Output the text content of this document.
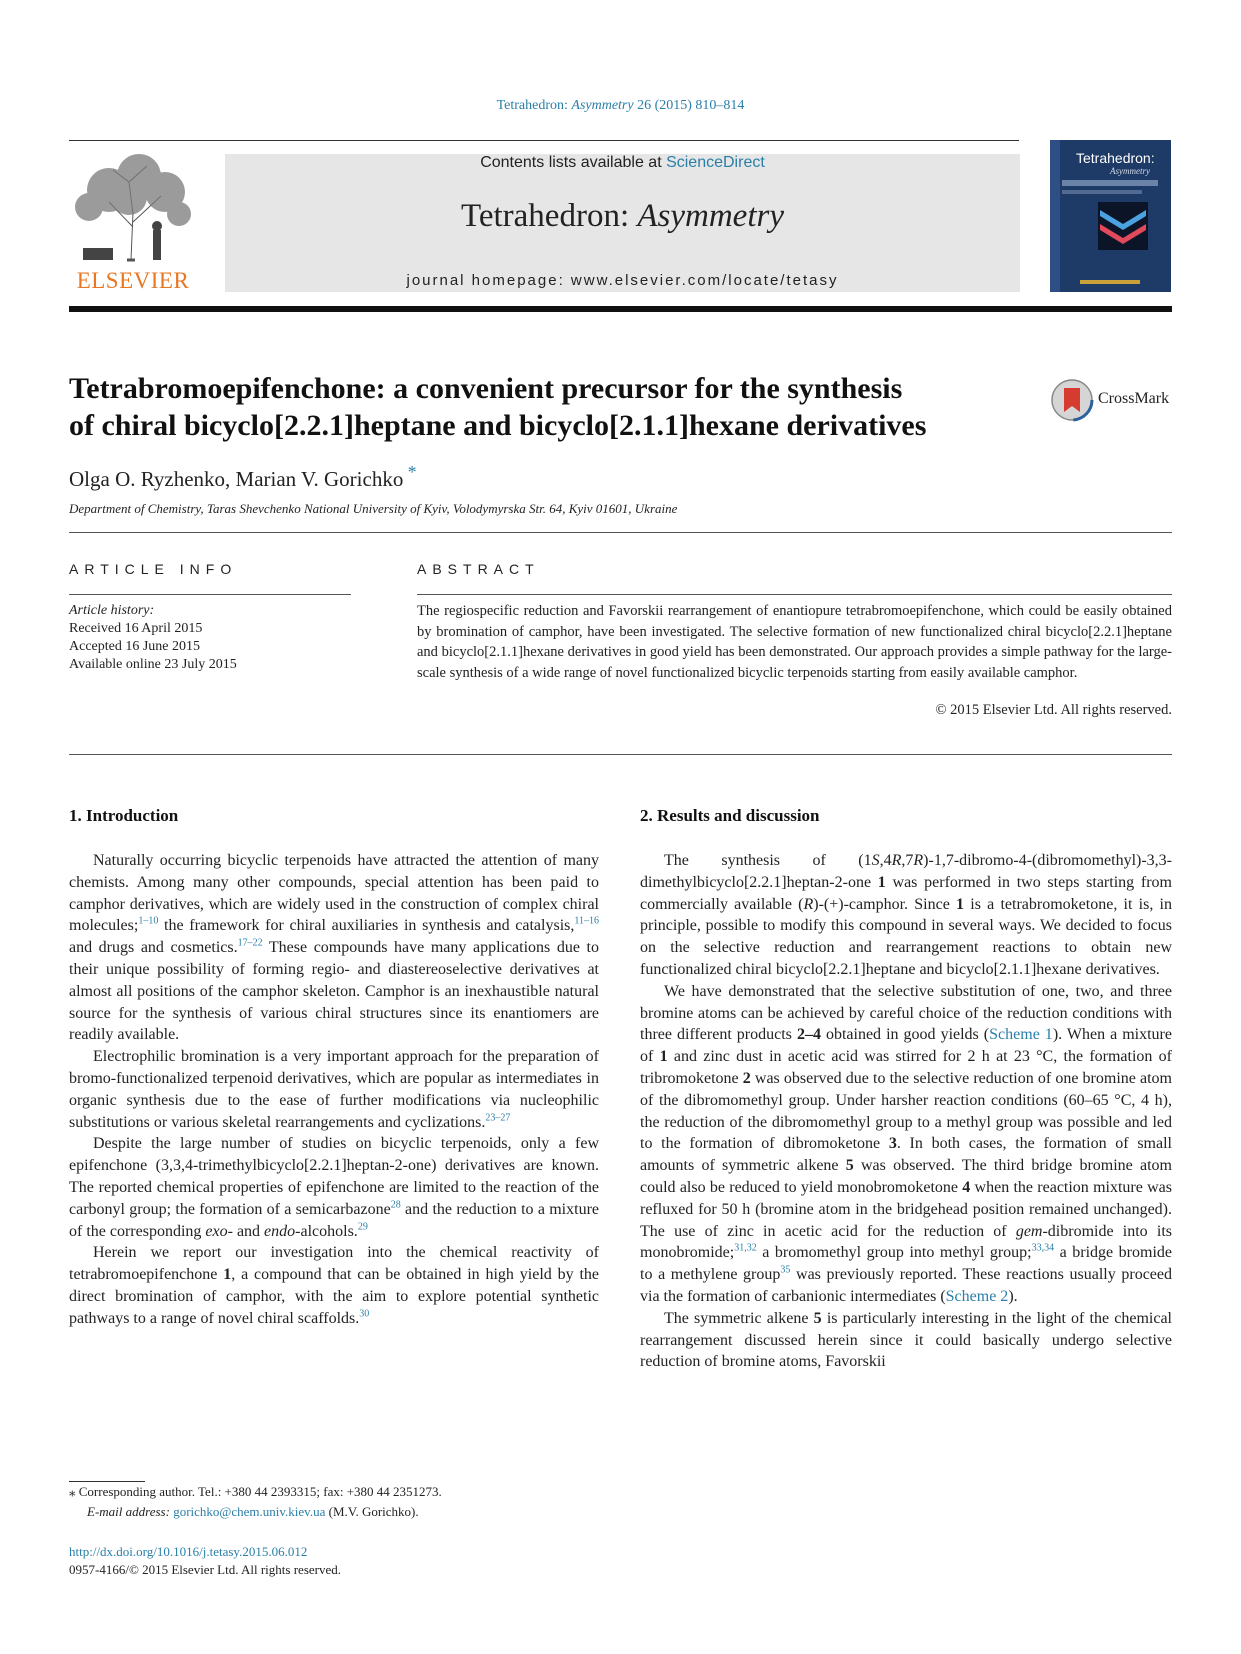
Tetrahedron: Asymmetry 26 (2015) 810–814
ELSEVIER
Contents lists available at ScienceDirect
Tetrahedron: Asymmetry
journal homepage: www.elsevier.com/locate/tetasy
Tetrahedron:
Asymmetry
Tetrabromoepifenchone: a convenient precursor for the synthesis
of chiral bicyclo[2.2.1]heptane and bicyclo[2.1.1]hexane derivatives
CrossMark
Olga O. Ryzhenko, Marian V. Gorichko *
Department of Chemistry, Taras Shevchenko National University of Kyiv, Volodymyrska Str. 64, Kyiv 01601, Ukraine
ARTICLE INFO
Article history:
Received 16 April 2015
Accepted 16 June 2015
Available online 23 July 2015
ABSTRACT
The regiospecific reduction and Favorskii rearrangement of enantiopure tetrabromoepifenchone, which could be easily obtained by bromination of camphor, have been investigated. The selective formation of new functionalized chiral bicyclo[2.2.1]heptane and bicyclo[2.1.1]hexane derivatives in good yield has been demonstrated. Our approach provides a simple pathway for the large-scale synthesis of a wide range of novel functionalized bicyclic terpenoids starting from easily available camphor.
© 2015 Elsevier Ltd. All rights reserved.
1. Introduction

Naturally occurring bicyclic terpenoids have attracted the attention of many chemists. Among many other compounds, special attention has been paid to camphor derivatives, which are widely used in the construction of complex chiral molecules;$^{1-10}$ the framework for chiral auxiliaries in synthesis and catalysis,$^{11-16}$ and drugs and cosmetics.$^{17-22}$ These compounds have many applications due to their unique possibility of forming regio- and diastereoselective derivatives at almost all positions of the camphor skeleton. Camphor is an inexhaustible natural source for the synthesis of various chiral structures since its enantiomers are readily available.

Electrophilic bromination is a very important approach for the preparation of bromo-functionalized terpenoid derivatives, which are popular as intermediates in organic synthesis due to the ease of further modifications via nucleophilic substitutions or various skeletal rearrangements and cyclizations.$^{23-27}$

Despite the large number of studies on bicyclic terpenoids, only a few epifenchone (3,3,4-trimethylbicyclo[2.2.1]heptan-2-one) derivatives are known. The reported chemical properties of epifenchone are limited to the reaction of the carbonyl group; the formation of a semicarbazone$^{28}$ and the reduction to a mixture of the corresponding exo- and endo-alcohols.$^{29}$

Herein we report our investigation into the chemical reactivity of tetrabromoepifenchone 1, a compound that can be obtained in high yield by the direct bromination of camphor, with the aim to explore potential synthetic pathways to a range of novel chiral scaffolds.$^{30}$

2. Results and discussion

The synthesis of (1S,4R,7R)-1,7-dibromo-4-(dibromomethyl)-3,3-dimethylbicyclo[2.2.1]heptan-2-one 1 was performed in two steps starting from commercially available (R)-(+)-camphor. Since 1 is a tetrabromoketone, it is, in principle, possible to modify this compound in several ways. We decided to focus on the selective reduction and rearrangement reactions to obtain new functionalized chiral bicyclo[2.2.1]heptane and bicyclo[2.1.1]hexane derivatives.

We have demonstrated that the selective substitution of one, two, and three bromine atoms can be achieved by careful choice of the reduction conditions with three different products 2–4 obtained in good yields (Scheme 1). When a mixture of 1 and zinc dust in acetic acid was stirred for 2 h at 23 °C, the formation of tribromoketone 2 was observed due to the selective reduction of one bromine atom of the dibromomethyl group. Under harsher reaction conditions (60–65 °C, 4 h), the reduction of the dibromomethyl group to a methyl group was possible and led to the formation of dibromoketone 3. In both cases, the formation of small amounts of symmetric alkene 5 was observed. The third bridge bromine atom could also be reduced to yield monobromoketone 4 when the reaction mixture was refluxed for 50 h (bromine atom in the bridgehead position remained unchanged). The use of zinc in acetic acid for the reduction of gem-dibromide into its monobromide;$^{31,32}$ a bromomethyl group into methyl group;$^{33,34}$ a bridge bromide to a methylene group$^{35}$ was previously reported. These reactions usually proceed via the formation of carbanionic intermediates (Scheme 2).

The symmetric alkene 5 is particularly interesting in the light of the chemical rearrangement discussed herein since it could basically undergo selective reduction of bromine atoms, Favorskii

⁎ Corresponding author. Tel.: +380 44 2393315; fax: +380 44 2351273.
E-mail address: gorichko@chem.univ.kiev.ua (M.V. Gorichko).
http://dx.doi.org/10.1016/j.tetasy.2015.06.012
0957-4166/© 2015 Elsevier Ltd. All rights reserved.
